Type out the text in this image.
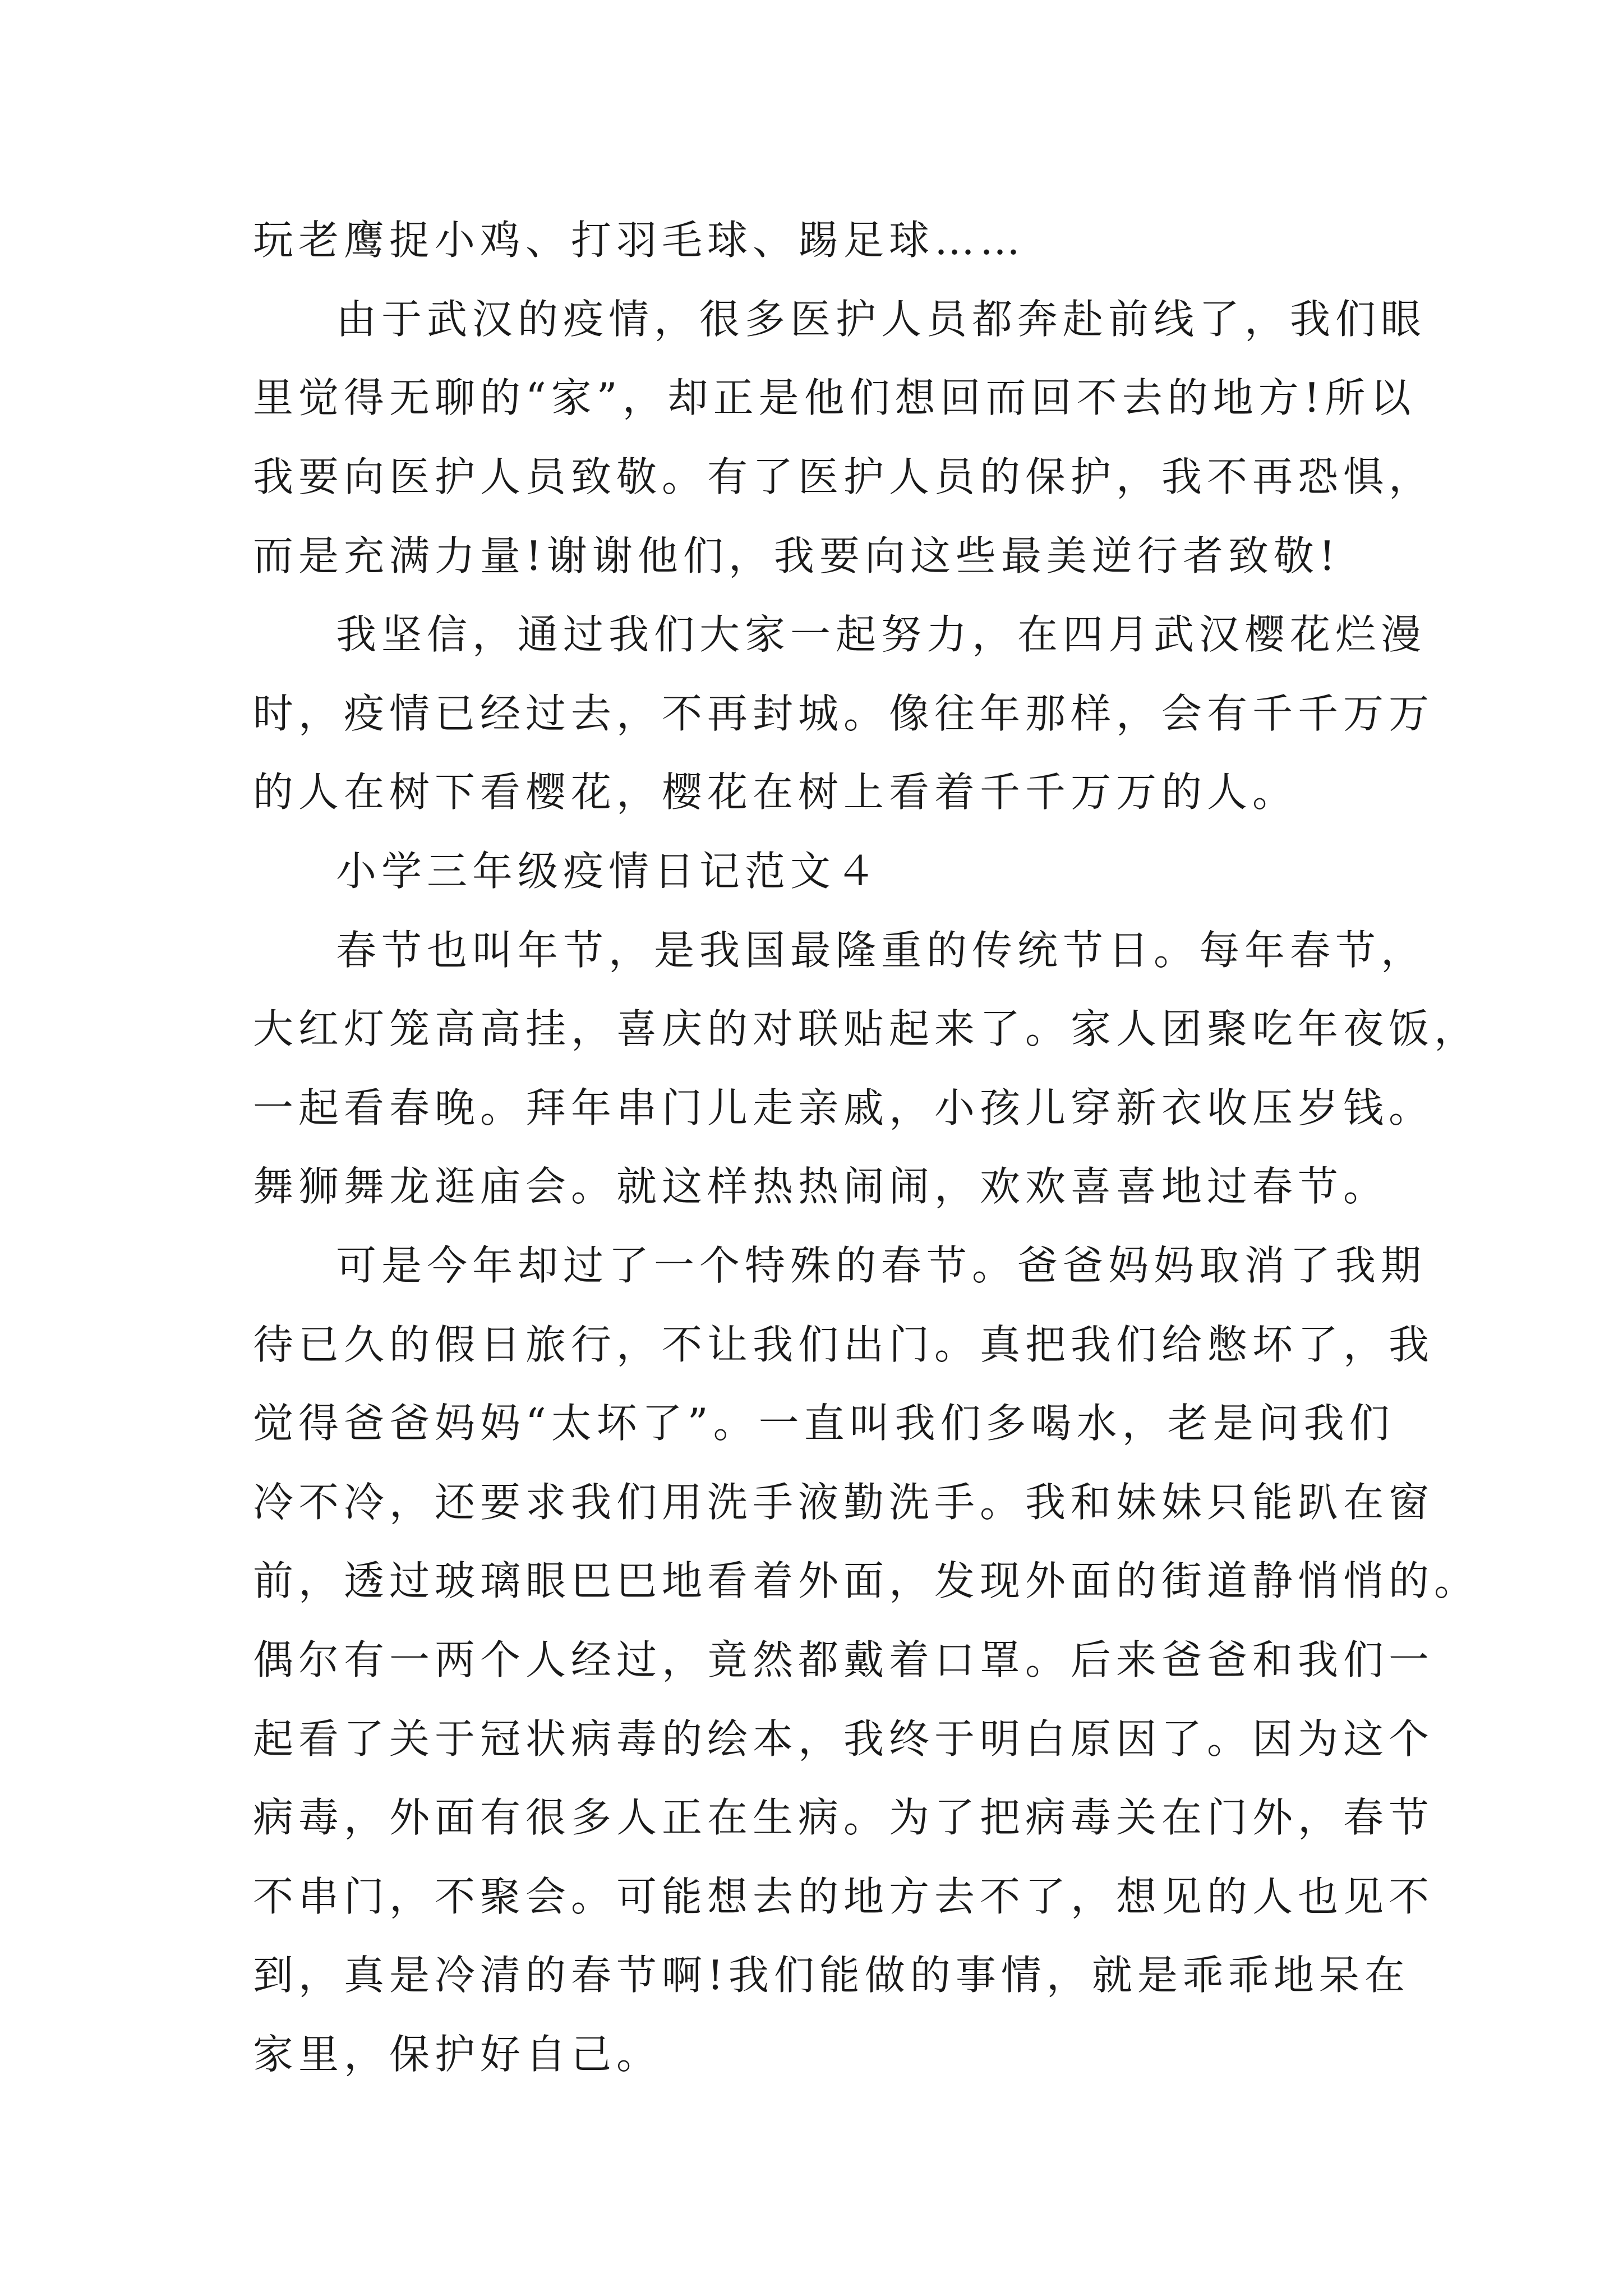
玩老鹰捉小鸡、打羽毛球、踢足球……
由于武汉的疫情，很多医护人员都奔赴前线了，我们眼
里觉得无聊的“家”，却正是他们想回而回不去的地方!所以
我要向医护人员致敬。有了医护人员的保护，我不再恐惧，
而是充满力量!谢谢他们，我要向这些最美逆行者致敬!
我坚信，通过我们大家一起努力，在四月武汉樱花烂漫
时，疫情已经过去，不再封城。像往年那样，会有千千万万
的人在树下看樱花，樱花在树上看着千千万万的人。
小学三年级疫情日记范文４
春节也叫年节，是我国最隆重的传统节日。每年春节，
大红灯笼高高挂，喜庆的对联贴起来了。家人团聚吃年夜饭，
一起看春晚。拜年串门儿走亲戚，小孩儿穿新衣收压岁钱。
舞狮舞龙逛庙会。就这样热热闹闹，欢欢喜喜地过春节。
可是今年却过了一个特殊的春节。爸爸妈妈取消了我期
待已久的假日旅行，不让我们出门。真把我们给憋坏了，我
觉得爸爸妈妈“太坏了”。一直叫我们多喝水，老是问我们
冷不冷，还要求我们用洗手液勤洗手。我和妹妹只能趴在窗
前，透过玻璃眼巴巴地看着外面，发现外面的街道静悄悄的。
偶尔有一两个人经过，竟然都戴着口罩。后来爸爸和我们一
起看了关于冠状病毒的绘本，我终于明白原因了。因为这个
病毒，外面有很多人正在生病。为了把病毒关在门外，春节
不串门，不聚会。可能想去的地方去不了，想见的人也见不
到，真是冷清的春节啊!我们能做的事情，就是乖乖地呆在
家里，保护好自己。
